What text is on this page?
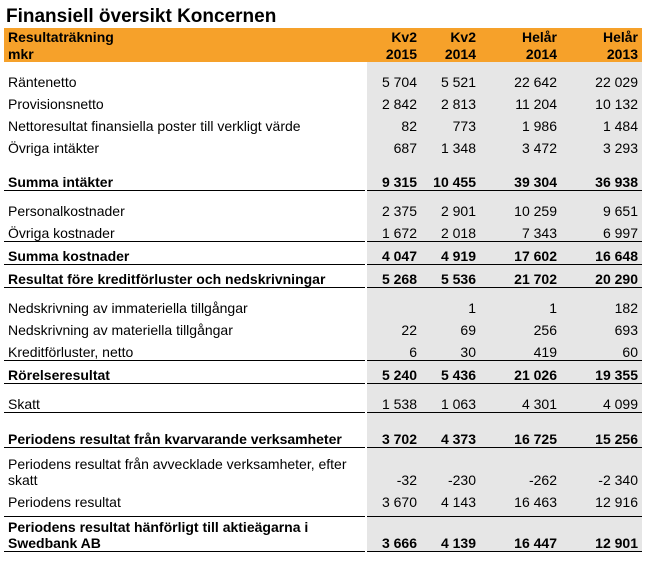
Finansiell översikt Koncernen
Resultaträkning	Kv2	Kv2	Helår	Helår
mkr	2015	2014	2014	2013

Räntenetto	5 704	5 521	22 642	22 029
Provisionsnetto	2 842	2 813	11 204	10 132
Nettoresultat finansiella poster till verkligt värde	82	773	1 986	1 484
Övriga intäkter	687	1 348	3 472	3 293
Summa intäkter	9 315	10 455	39 304	36 938

Personalkostnader	2 375	2 901	10 259	9 651
Övriga kostnader	1 672	2 018	7 343	6 997
Summa kostnader	4 047	4 919	17 602	16 648
Resultat före kreditförluster och nedskrivningar	5 268	5 536	21 702	20 290

Nedskrivning av immateriella tillgångar		1	1	182
Nedskrivning av materiella tillgångar	22	69	256	693
Kreditförluster, netto	6	30	419	60
Rörelseresultat	5 240	5 436	21 026	19 355

Skatt	1 538	1 063	4 301	4 099
Periodens resultat från kvarvarande verksamheter	3 702	4 373	16 725	15 256

Periodens resultat från avvecklade verksamheter, efter skatt	-32	-230	-262	-2 340
Periodens resultat	3 670	4 143	16 463	12 916

Periodens resultat hänförligt till aktieägarna i Swedbank AB	3 666	4 139	16 447	12 901
